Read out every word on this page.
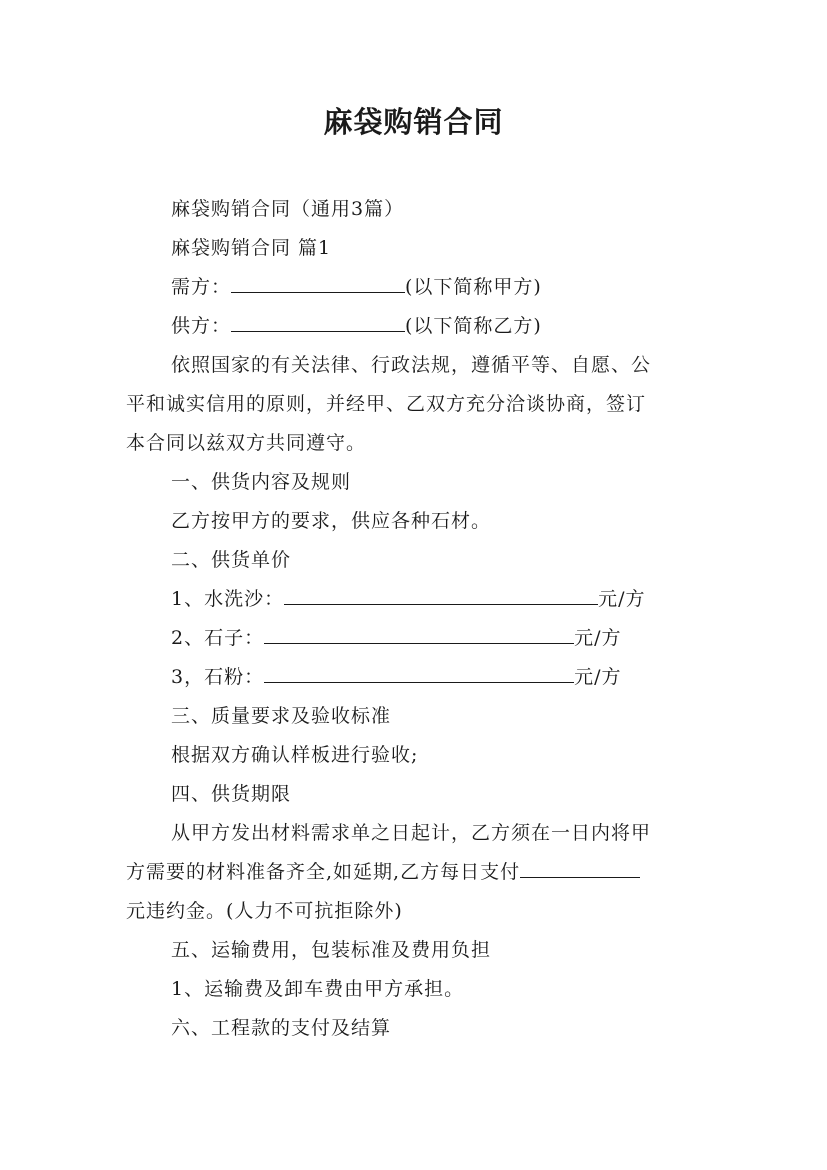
麻袋购销合同
麻袋购销合同（通用3篇）
麻袋购销合同 篇1
需方：	(以下简称甲方)
供方：	(以下简称乙方)
依照国家的有关法律、行政法规，遵循平等、自愿、公
平和诚实信用的原则，并经甲、乙双方充分洽谈协商，签订
本合同以兹双方共同遵守。
一、供货内容及规则
乙方按甲方的要求，供应各种石材。
二、供货单价
1、水洗沙：	元/方
2、石子：	元/方
3，石粉：	元/方
三、质量要求及验收标准
根据双方确认样板进行验收;
四、供货期限
从甲方发出材料需求单之日起计，乙方须在一日内将甲
方需要的材料准备齐全,如延期,乙方每日支付
元违约金。(人力不可抗拒除外)
五、运输费用，包装标准及费用负担
1、运输费及卸车费由甲方承担。
六、工程款的支付及结算
